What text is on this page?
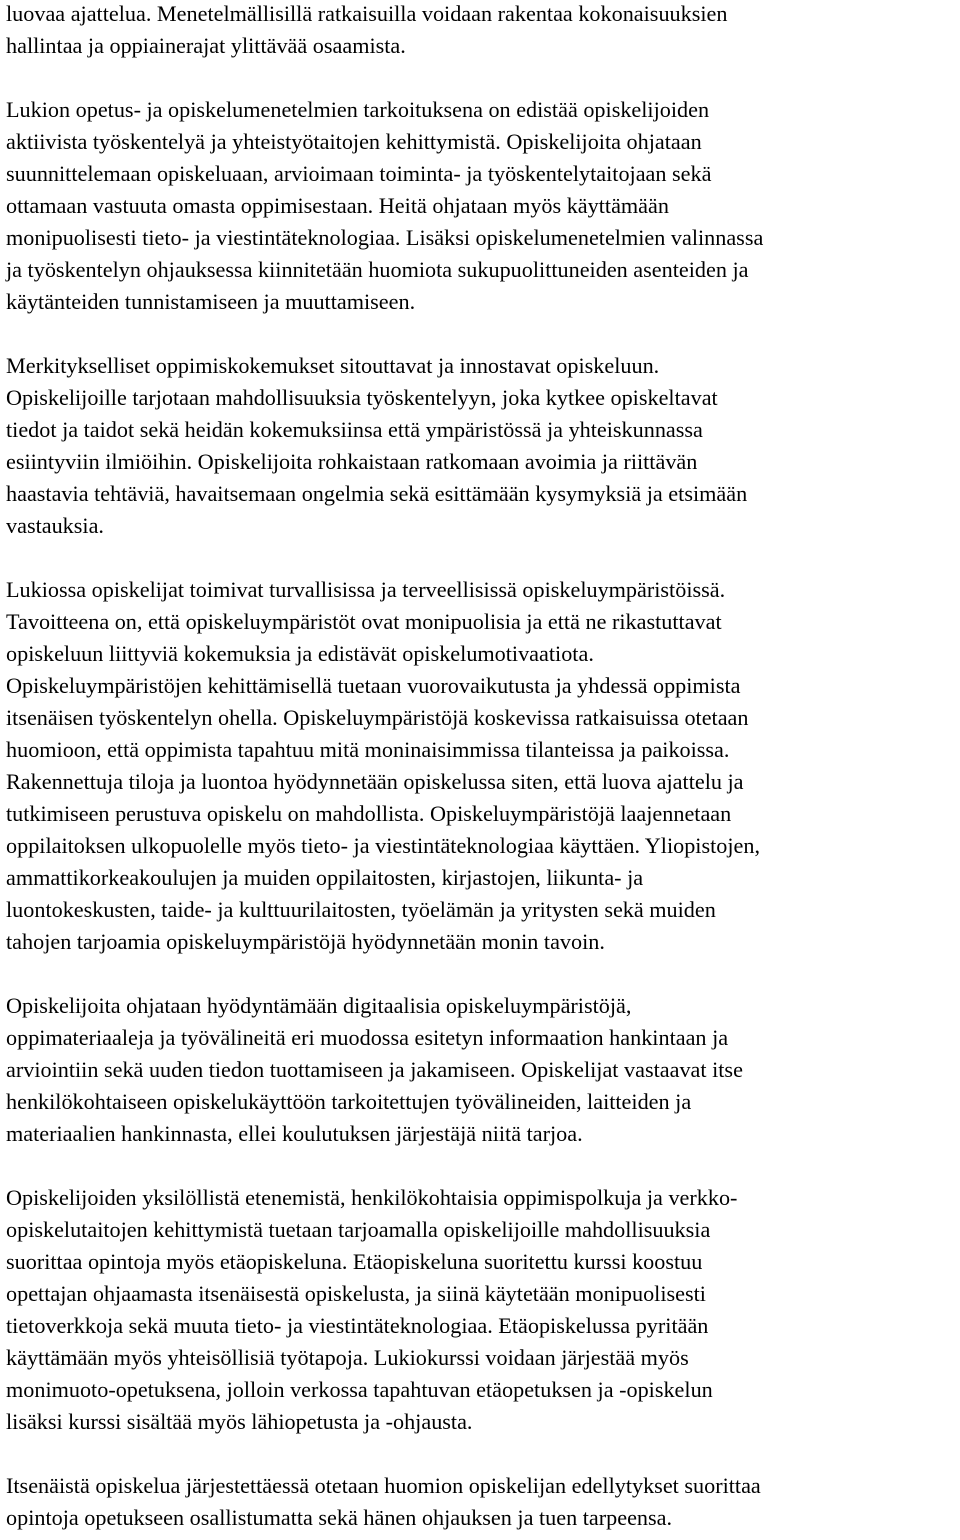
luovaa ajattelua. Menetelmällisillä ratkaisuilla voidaan rakentaa kokonaisuuksien
hallintaa ja oppiainerajat ylittävää osaamista.

Lukion opetus- ja opiskelumenetelmien tarkoituksena on edistää opiskelijoiden
aktiivista työskentelyä ja yhteistyötaitojen kehittymistä. Opiskelijoita ohjataan
suunnittelemaan opiskeluaan, arvioimaan toiminta- ja työskentelytaitojaan sekä
ottamaan vastuuta omasta oppimisestaan. Heitä ohjataan myös käyttämään
monipuolisesti tieto- ja viestintäteknologiaa. Lisäksi opiskelumenetelmien valinnassa
ja työskentelyn ohjauksessa kiinnitetään huomiota sukupuolittuneiden asenteiden ja
käytänteiden tunnistamiseen ja muuttamiseen.

Merkitykselliset oppimiskokemukset sitouttavat ja innostavat opiskeluun.
Opiskelijoille tarjotaan mahdollisuuksia työskentelyyn, joka kytkee opiskeltavat
tiedot ja taidot sekä heidän kokemuksiinsa että ympäristössä ja yhteiskunnassa
esiintyviin ilmiöihin. Opiskelijoita rohkaistaan ratkomaan avoimia ja riittävän
haastavia tehtäviä, havaitsemaan ongelmia sekä esittämään kysymyksiä ja etsimään
vastauksia.

Lukiossa opiskelijat toimivat turvallisissa ja terveellisissä opiskeluympäristöissä.
Tavoitteena on, että opiskeluympäristöt ovat monipuolisia ja että ne rikastuttavat
opiskeluun liittyviä kokemuksia ja edistävät opiskelumotivaatiota.
Opiskeluympäristöjen kehittämisellä tuetaan vuorovaikutusta ja yhdessä oppimista
itsenäisen työskentelyn ohella. Opiskeluympäristöjä koskevissa ratkaisuissa otetaan
huomioon, että oppimista tapahtuu mitä moninaisimmissa tilanteissa ja paikoissa.
Rakennettuja tiloja ja luontoa hyödynnetään opiskelussa siten, että luova ajattelu ja
tutkimiseen perustuva opiskelu on mahdollista. Opiskeluympäristöjä laajennetaan
oppilaitoksen ulkopuolelle myös tieto- ja viestintäteknologiaa käyttäen. Yliopistojen,
ammattikorkeakoulujen ja muiden oppilaitosten, kirjastojen, liikunta- ja
luontokeskusten, taide- ja kulttuurilaitosten, työelämän ja yritysten sekä muiden
tahojen tarjoamia opiskeluympäristöjä hyödynnetään monin tavoin.

Opiskelijoita ohjataan hyödyntämään digitaalisia opiskeluympäristöjä,
oppimateriaaleja ja työvälineitä eri muodossa esitetyn informaation hankintaan ja
arviointiin sekä uuden tiedon tuottamiseen ja jakamiseen. Opiskelijat vastaavat itse
henkilökohtaiseen opiskelukäyttöön tarkoitettujen työvälineiden, laitteiden ja
materiaalien hankinnasta, ellei koulutuksen järjestäjä niitä tarjoa.

Opiskelijoiden yksilöllistä etenemistä, henkilökohtaisia oppimispolkuja ja verkko-
opiskelutaitojen kehittymistä tuetaan tarjoamalla opiskelijoille mahdollisuuksia
suorittaa opintoja myös etäopiskeluna. Etäopiskeluna suoritettu kurssi koostuu
opettajan ohjaamasta itsenäisestä opiskelusta, ja siinä käytetään monipuolisesti
tietoverkkoja sekä muuta tieto- ja viestintäteknologiaa. Etäopiskelussa pyritään
käyttämään myös yhteisöllisiä työtapoja. Lukiokurssi voidaan järjestää myös
monimuoto-opetuksena, jolloin verkossa tapahtuvan etäopetuksen ja -opiskelun
lisäksi kurssi sisältää myös lähiopetusta ja -ohjausta.

Itsenäistä opiskelua järjestettäessä otetaan huomion opiskelijan edellytykset suorittaa
opintoja opetukseen osallistumatta sekä hänen ohjauksen ja tuen tarpeensa.
